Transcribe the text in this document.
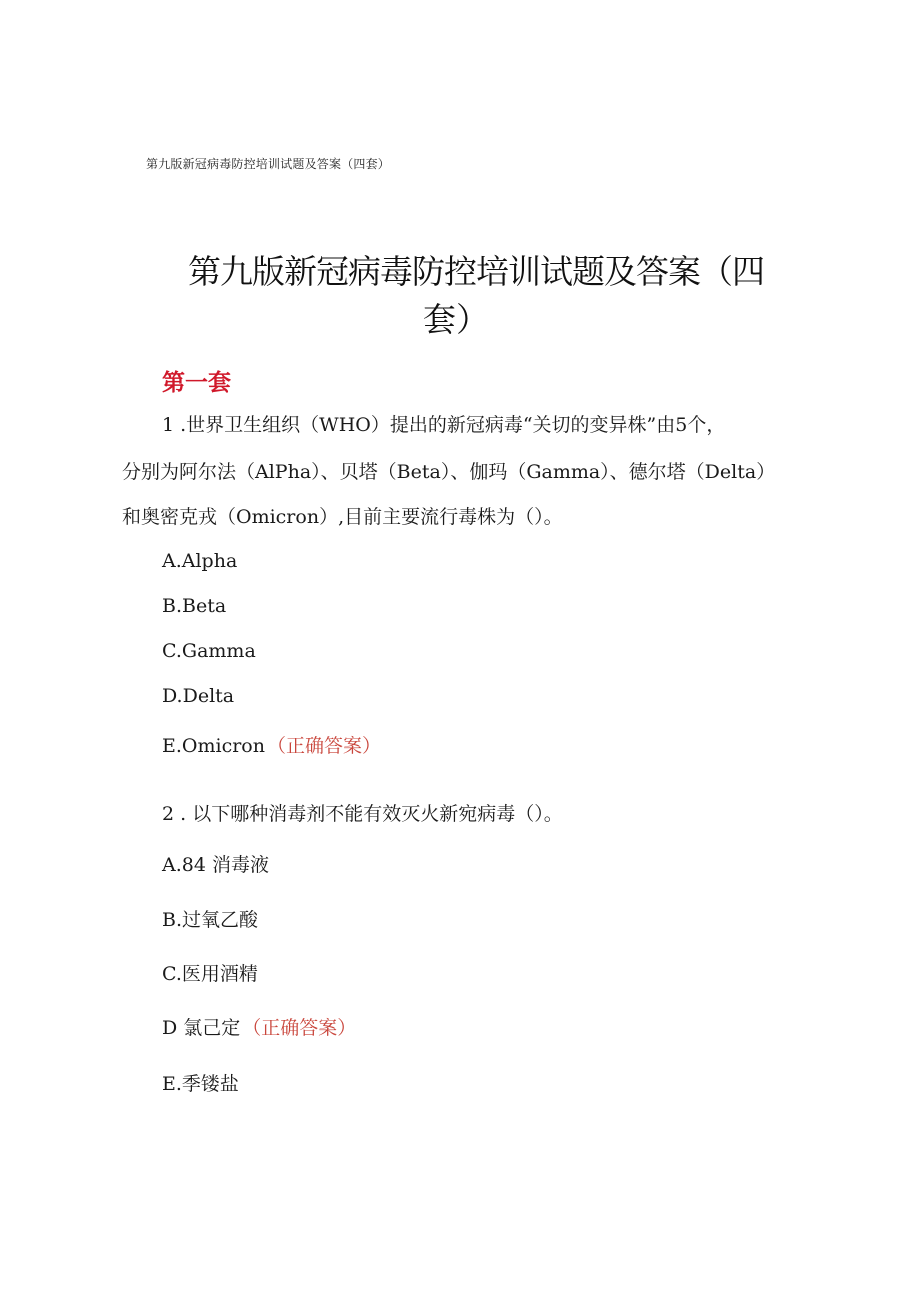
第九版新冠病毒防控培训试题及答案（四套）
第九版新冠病毒防控培训试题及答案（四
套）
第一套
1 .世界卫生组织（WHO）提出的新冠病毒“关切的变异株”由5个，
分别为阿尔法（AlPha）、贝塔（Beta）、伽玛（Gamma）、德尔塔（Delta）
和奥密克戎（Omicron）,目前主要流行毒株为（）。
A.Alpha
B.Beta
C.Gamma
D.Delta
E.Omicron （正确答案）
2 . 以下哪种消毒剂不能有效灭火新宛病毒（）。
A.84 消毒液
B.过氧乙酸
C.医用酒精
D 氯己定 （正确答案）
E.季镂盐
